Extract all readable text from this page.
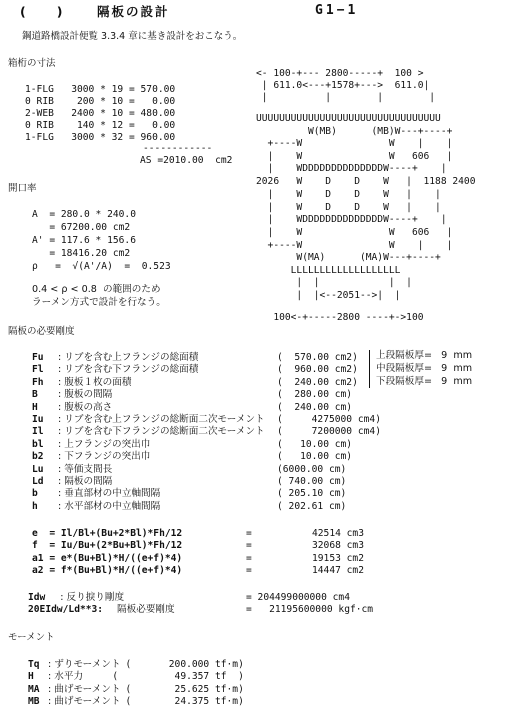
(　　)	隔板の設計	G1−1
鋼道路橋設計便覧 3.3.4 章に基き設計をおこなう。
箱桁の寸法
1-FLG   3000 * 19 = 570.00
0 RIB    200 * 10 =   0.00
2-WEB   2400 * 10 = 480.00
0 RIB    140 * 12 =   0.00
1-FLG   3000 * 32 = 960.00
------------
AS =2010.00  cm2
<- 100-+--- 2800-----+  100 >
| 611.0<---+1578+--->  611.0|
|          |        |        |
UUUUUUUUUUUUUUUUUUUUUUUUUUUUUUUU
W(MB)      (MB)W---+----+
+----W               W    |    |
|    W               W   606   |
|    WDDDDDDDDDDDDDDW----+    |
2026   W    D    D    W   |  1188 2400
|    W    D    D    W   |    |
|    W    D    D    W   |    |
|    WDDDDDDDDDDDDDDW----+    |
|    W               W   606   |
+----W               W    |    |
W(MA)      (MA)W---+----+
LLLLLLLLLLLLLLLLLLL
|  |            |  |
|  |<--2051-->|  |
100<-+-----2800 ----+->100
開口率
A  = 280.0 * 240.0
= 67200.00 cm2
A' = 117.6 * 156.6
= 18416.20 cm2
ρ   =  √(A'/A)  =  0.523
0.4 < ρ < 0.8  の範囲のため
ラーメン方式で設計を行なう。
隔板の必要剛度
上段隔板厚=   9  mm
中段隔板厚=   9  mm
下段隔板厚=   9  mm
Fu : リブを含む上フランジの総面積	(  570.00 cm2)
Fl : リブを含む下フランジの総面積	(  960.00 cm2)
Fh : 腹板１枚の面積	(  240.00 cm2)
B : 腹板の間隔	(  280.00 cm)
H : 腹板の高さ	(  240.00 cm)
Iu : リブを含む上フランジの総断面二次モーメント (     4275000 cm4)
Il : リブを含む下フランジの総断面二次モーメント (     7200000 cm4)
bl : 上フランジの突出巾	(   10.00 cm)
b2 : 下フランジの突出巾	(   10.00 cm)
Lu : 等価支間長	(6000.00 cm)
Ld : 隔板の間隔	( 740.00 cm)
b : 垂直部材の中立軸間隔	( 205.10 cm)
h : 水平部材の中立軸間隔	( 202.61 cm)
e  = Il/Bl+(Bu+2*Bl)*Fh/12	=	42514 cm3
f  = Iu/Bu+(2*Bu+Bl)*Fh/12	=	32068 cm3
a1 = e*(Bu+Bl)*H/((e+f)*4)	=	19153 cm2
a2 = f*(Bu+Bl)*H/((e+f)*4)	=	14447 cm2
Idw : 反り捩り剛度	= 204499000000 cm4
20EIdw/Ld**3: 隔板必要剛度	=   21195600000 kgf·cm
モーメント
Tq : ずりモーメント  (	200.000 tf·m)
H : 水平力          (	49.357 tf  )
MA : 曲げモーメント  (	25.625 tf·m)
MB : 曲げモーメント  (	24.375 tf·m)
